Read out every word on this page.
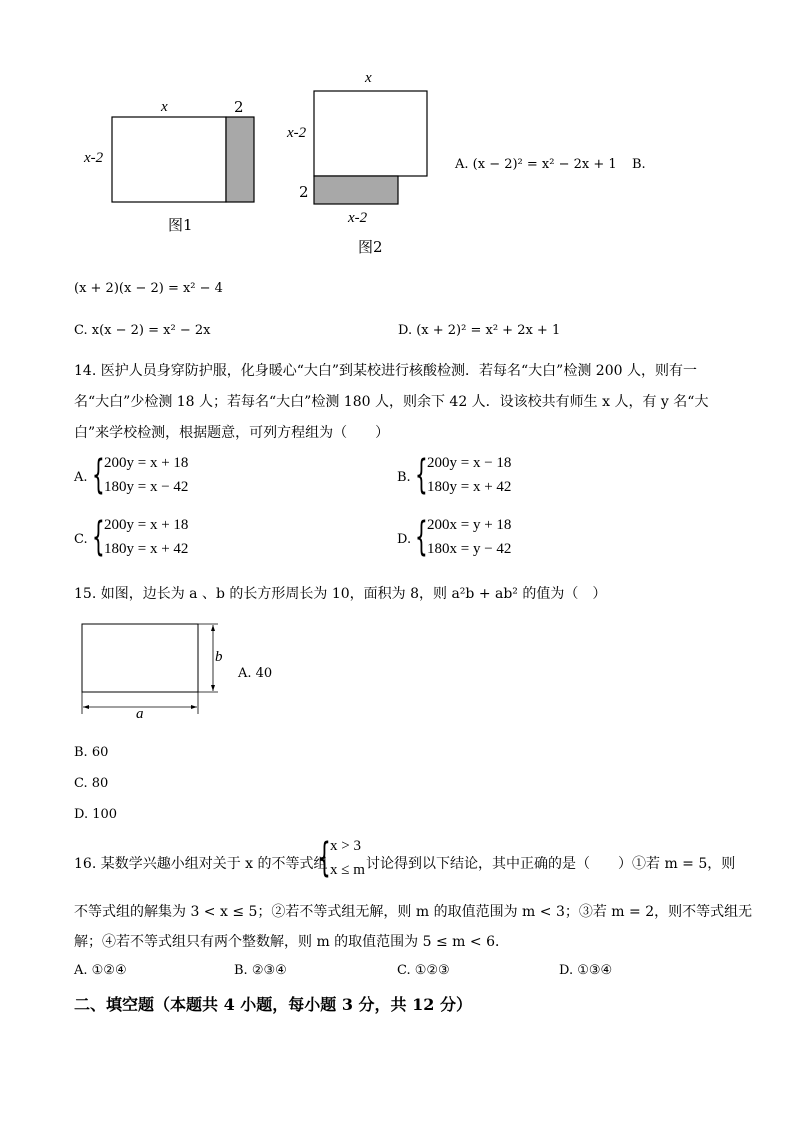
x	2
x-2
图1
x
x-2
2
x-2
图2
A. (x − 2)² = x² − 2x + 1 B.
(x + 2)(x − 2) = x² − 4
C. x(x − 2) = x² − 2x	D. (x + 2)² = x² + 2x + 1
14. 医护人员身穿防护服，化身暖心“大白”到某校进行核酸检测．若每名“大白”检测 200 人，则有一
名“大白”少检测 18 人；若每名“大白”检测 180 人，则余下 42 人．设该校共有师生 x 人，有 y 名“大
白”来学校检测，根据题意，可列方程组为（　　）
A. { 200y = x + 18
180y = x − 42
B. { 200y = x − 18
180y = x + 42
C. { 200y = x + 18
180y = x + 42
D. { 200x = y + 18
180x = y − 42
15. 如图，边长为 a 、b 的长方形周长为 10，面积为 8，则 a²b + ab² 的值为（　）
b
a
A. 40
B. 60
C. 80
D. 100
16. 某数学兴趣小组对关于 x 的不等式组
{ x > 3
x ≤ m 讨论得到以下结论，其中正确的是（　　）①若 m = 5，则
不等式组的解集为 3 < x ≤ 5；②若不等式组无解，则 m 的取值范围为 m < 3；③若 m = 2，则不等式组无
解；④若不等式组只有两个整数解，则 m 的取值范围为 5 ≤ m < 6．
A. ①②④	B. ②③④	C. ①②③	D. ①③④
二、填空题（本题共 4 小题，每小题 3 分，共 12 分）
